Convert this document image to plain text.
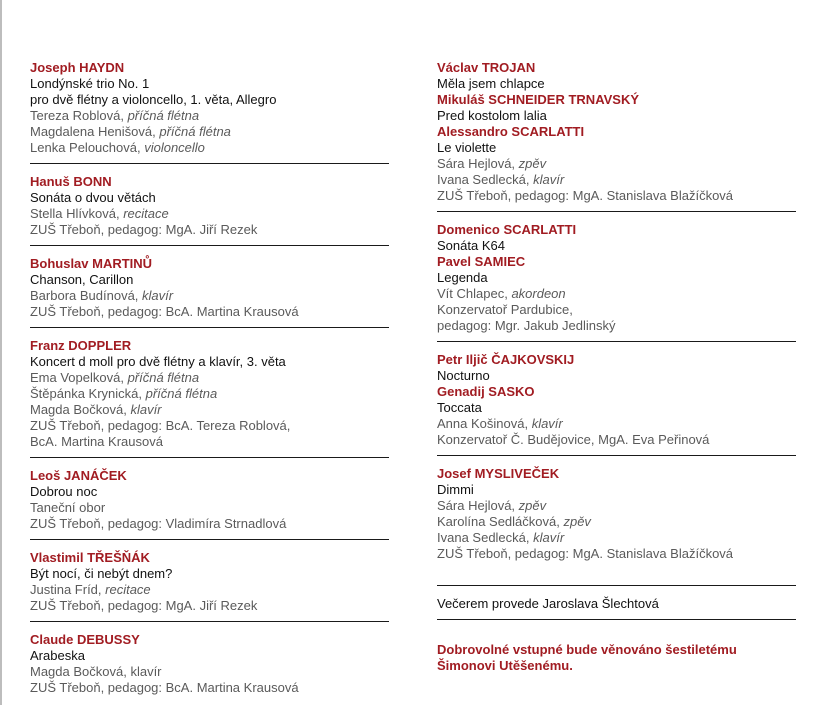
Joseph HAYDN
Londýnské trio No. 1
pro dvě flétny a violoncello, 1. věta, Allegro
Tereza Roblová, příčná flétna
Magdalena Henišová, příčná flétna
Lenka Pelouchová, violoncello
Hanuš BONN
Sonáta o dvou větách
Stella Hlívková, recitace
ZUŠ Třeboň, pedagog: MgA. Jiří Rezek
Bohuslav MARTINŮ
Chanson, Carillon
Barbora Budínová, klavír
ZUŠ Třeboň, pedagog: BcA. Martina Krausová
Franz DOPPLER
Koncert d moll pro dvě flétny a klavír, 3. věta
Ema Vopelková, příčná flétna
Štěpánka Krynická, příčná flétna
Magda Bočková, klavír
ZUŠ Třeboň, pedagog: BcA. Tereza Roblová,
BcA. Martina Krausová
Leoš JANÁČEK
Dobrou noc
Taneční obor
ZUŠ Třeboň, pedagog: Vladimíra Strnadlová
Vlastimil TŘEŠŇÁK
Být nocí, či nebýt dnem?
Justina Fríd, recitace
ZUŠ Třeboň, pedagog: MgA. Jiří Rezek
Claude DEBUSSY
Arabeska
Magda Bočková, klavír
ZUŠ Třeboň, pedagog: BcA. Martina Krausová
Václav TROJAN
Měla jsem chlapce
Mikuláš SCHNEIDER TRNAVSKÝ
Pred kostolom lalia
Alessandro SCARLATTI
Le violette
Sára Hejlová, zpěv
Ivana Sedlecká, klavír
ZUŠ Třeboň, pedagog: MgA. Stanislava Blažíčková
Domenico SCARLATTI
Sonáta K64
Pavel SAMIEC
Legenda
Vít Chlapec, akordeon
Konzervatoř Pardubice,
pedagog: Mgr. Jakub Jedlinský
Petr Iljič ČAJKOVSKIJ
Nocturno
Genadij SASKO
Toccata
Anna Košinová, klavír
Konzervatoř Č. Budějovice, MgA. Eva Peřinová
Josef MYSLIVEČEK
Dimmi
Sára Hejlová, zpěv
Karolína Sedláčková, zpěv
Ivana Sedlecká, klavír
ZUŠ Třeboň, pedagog: MgA. Stanislava Blažíčková
Večerem provede Jaroslava Šlechtová
Dobrovolné vstupné bude věnováno šestiletému Šimonovi Utěšenému.
